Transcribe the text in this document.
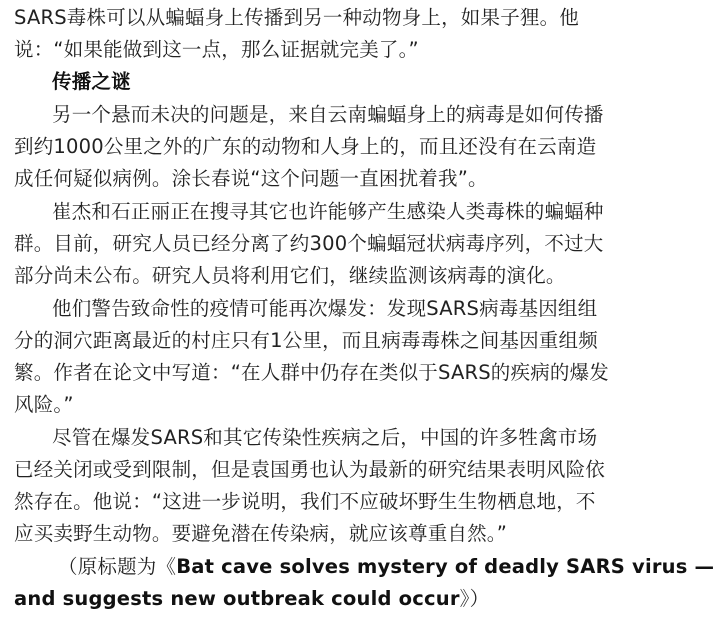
SARS毒株可以从蝙蝠身上传播到另一种动物身上，如果子狸。他
说：“如果能做到这一点，那么证据就完美了。”
传播之谜
另一个悬而未决的问题是，来自云南蝙蝠身上的病毒是如何传播
到约1000公里之外的广东的动物和人身上的，而且还没有在云南造
成任何疑似病例。涂长春说“这个问题一直困扰着我”。
崔杰和石正丽正在搜寻其它也许能够产生感染人类毒株的蝙蝠种
群。目前，研究人员已经分离了约300个蝙蝠冠状病毒序列，不过大
部分尚未公布。研究人员将利用它们，继续监测该病毒的演化。
他们警告致命性的疫情可能再次爆发：发现SARS病毒基因组组
分的洞穴距离最近的村庄只有1公里，而且病毒毒株之间基因重组频
繁。作者在论文中写道：“在人群中仍存在类似于SARS的疾病的爆发
风险。”
尽管在爆发SARS和其它传染性疾病之后，中国的许多牲禽市场
已经关闭或受到限制，但是袁国勇也认为最新的研究结果表明风险依
然存在。他说：“这进一步说明，我们不应破坏野生生物栖息地，不
应买卖野生动物。要避免潜在传染病，就应该尊重自然。”
（原标题为《Bat cave solves mystery of deadly SARS virus —
and suggests new outbreak could occur》）
